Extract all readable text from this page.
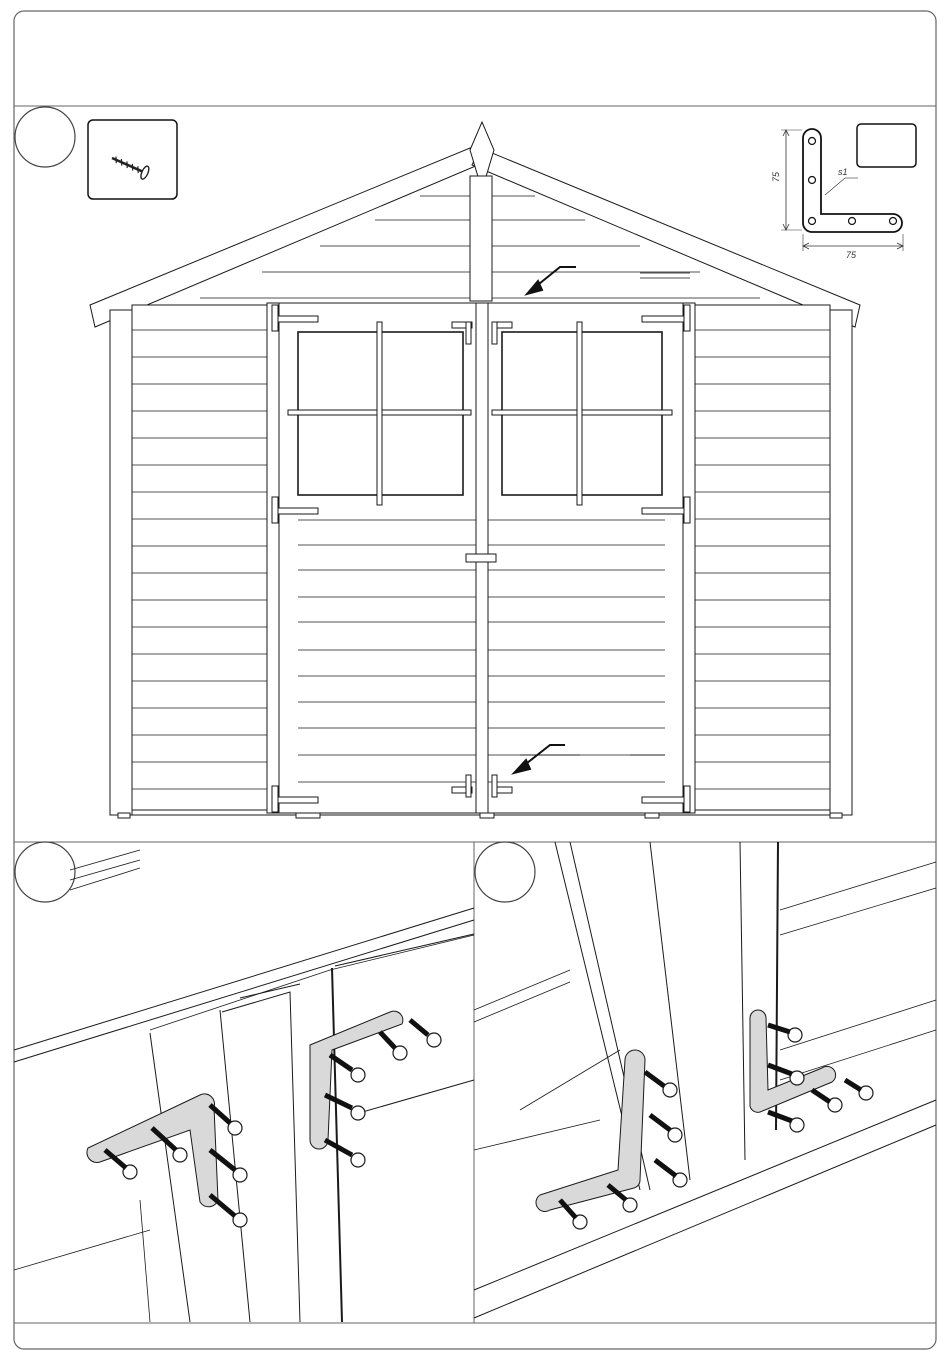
75
75
s1
